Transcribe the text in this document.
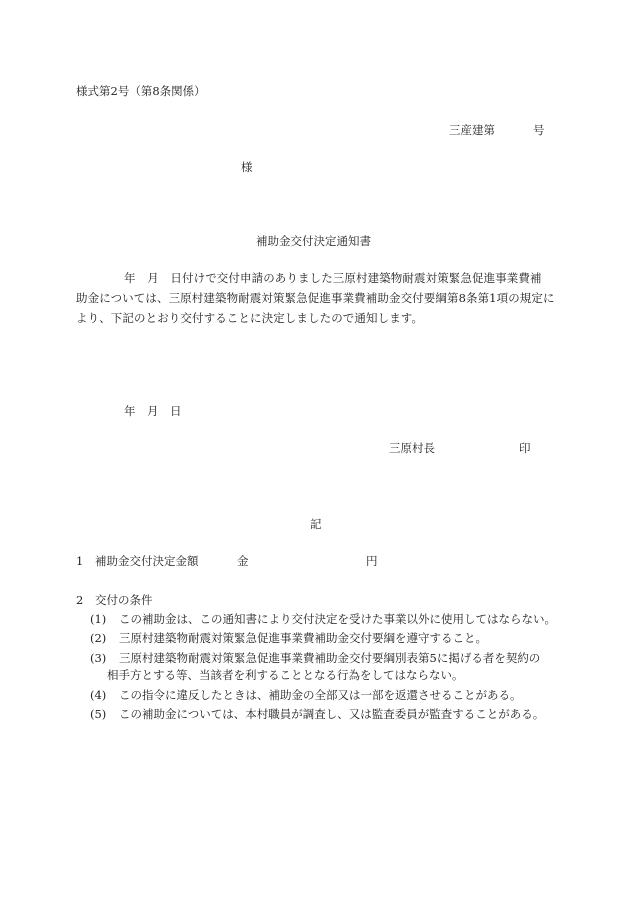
様式第2号（第8条関係）
三産建第	号
様
補助金交付決定通知書
年　月　日付けで交付申請のありました三原村建築物耐震対策緊急促進事業費補
助金については、三原村建築物耐震対策緊急促進事業費補助金交付要綱第8条第1項の規定に
より、下記のとおり交付することに決定しましたので通知します。
年　月　日
三原村長	印
記
1 補助金交付決定金額	金	円
2 交付の条件
(1) この補助金は、この通知書により交付決定を受けた事業以外に使用してはならない。
(2) 三原村建築物耐震対策緊急促進事業費補助金交付要綱を遵守すること。
(3) 三原村建築物耐震対策緊急促進事業費補助金交付要綱別表第5に掲げる者を契約の
相手方とする等、当該者を利することとなる行為をしてはならない。
(4) この指令に違反したときは、補助金の全部又は一部を返還させることがある。
(5) この補助金については、本村職員が調査し、又は監査委員が監査することがある。
